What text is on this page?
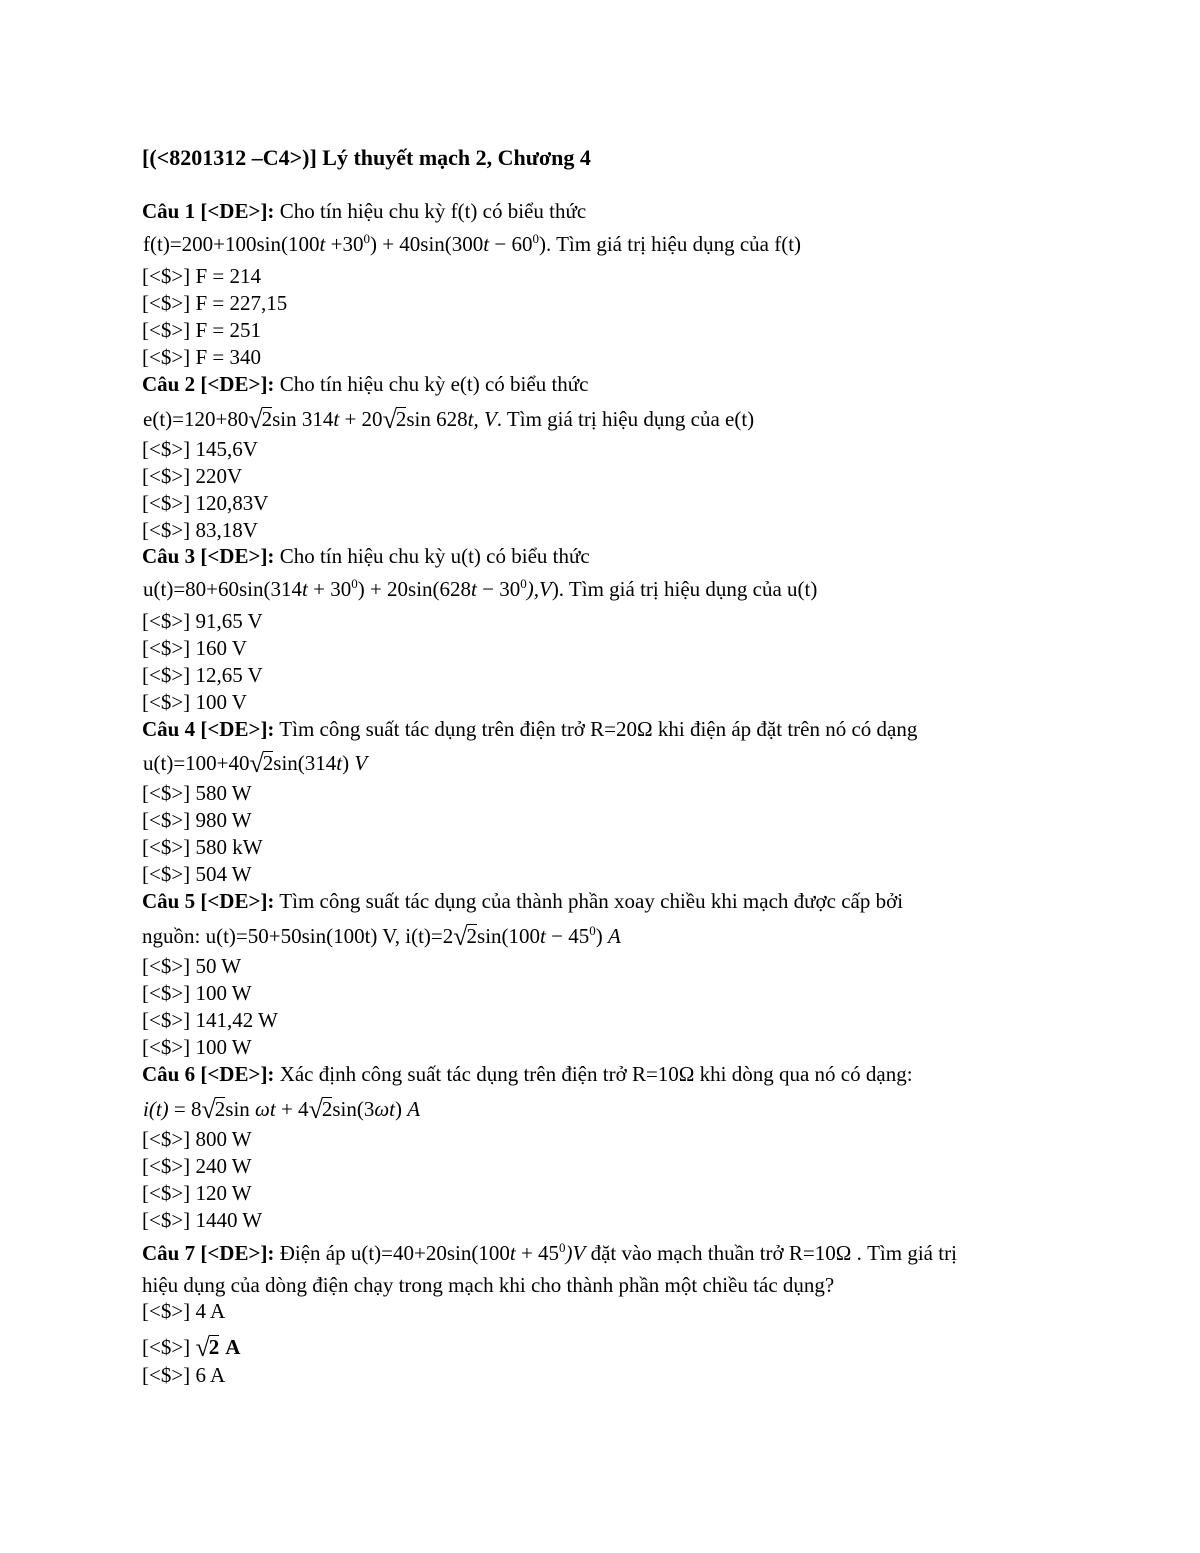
[(<8201312 –C4>)] Lý thuyết mạch 2, Chương 4
Câu 1 [<DE>]: Cho tín hiệu chu kỳ f(t) có biểu thức
$f(t)=200+100\sin(100t +30^0) + 40\sin(300t - 60^0)$. Tìm giá trị hiệu dụng của f(t)
[<$>] F = 214
[<$>] F = 227,15
[<$>] F = 251
[<$>] F = 340
Câu 2 [<DE>]: Cho tín hiệu chu kỳ e(t) có biểu thức
e(t)=120+80√2sin 314t + 20√2sin 628t, V. Tìm giá trị hiệu dụng của e(t)
[<$>] 145,6V
[<$>] 220V
[<$>] 120,83V
[<$>] 83,18V
Câu 3 [<DE>]: Cho tín hiệu chu kỳ u(t) có biểu thức
$u(t)=80+60\sin(314t + 30^0) + 20\sin(628t - 30^0),V$). Tìm giá trị hiệu dụng của u(t)
[<$>] 91,65 V
[<$>] 160 V
[<$>] 12,65 V
[<$>] 100 V
Câu 4 [<DE>]: Tìm công suất tác dụng trên điện trở R=20Ω khi điện áp đặt trên nó có dạng
u(t)=100+40√2sin(314t) V
[<$>] 580 W
[<$>] 980 W
[<$>] 580 kW
[<$>] 504 W
Câu 5 [<DE>]: Tìm công suất tác dụng của thành phần xoay chiều khi mạch được cấp bởi
nguồn: u(t)=50+50sin(100t) V, $i(t)=2√2\sin(100t - 45^0)$ A
[<$>] 50 W
[<$>] 100 W
[<$>] 141,42 W
[<$>] 100 W
Câu 6 [<DE>]: Xác định công suất tác dụng trên điện trở R=10Ω khi dòng qua nó có dạng:
i(t) = 8√2sin ωt + 4√2sin(3ωt) A
[<$>] 800 W
[<$>] 240 W
[<$>] 120 W
[<$>] 1440 W
Câu 7 [<DE>]: Điện áp $u(t)=40+20\sin(100t + 45^0)V$ đặt vào mạch thuần trở R=10Ω . Tìm giá trị
hiệu dụng của dòng điện chạy trong mạch khi cho thành phần một chiều tác dụng?
[<$>] 4 A
[<$>] √2 A
[<$>] 6 A
